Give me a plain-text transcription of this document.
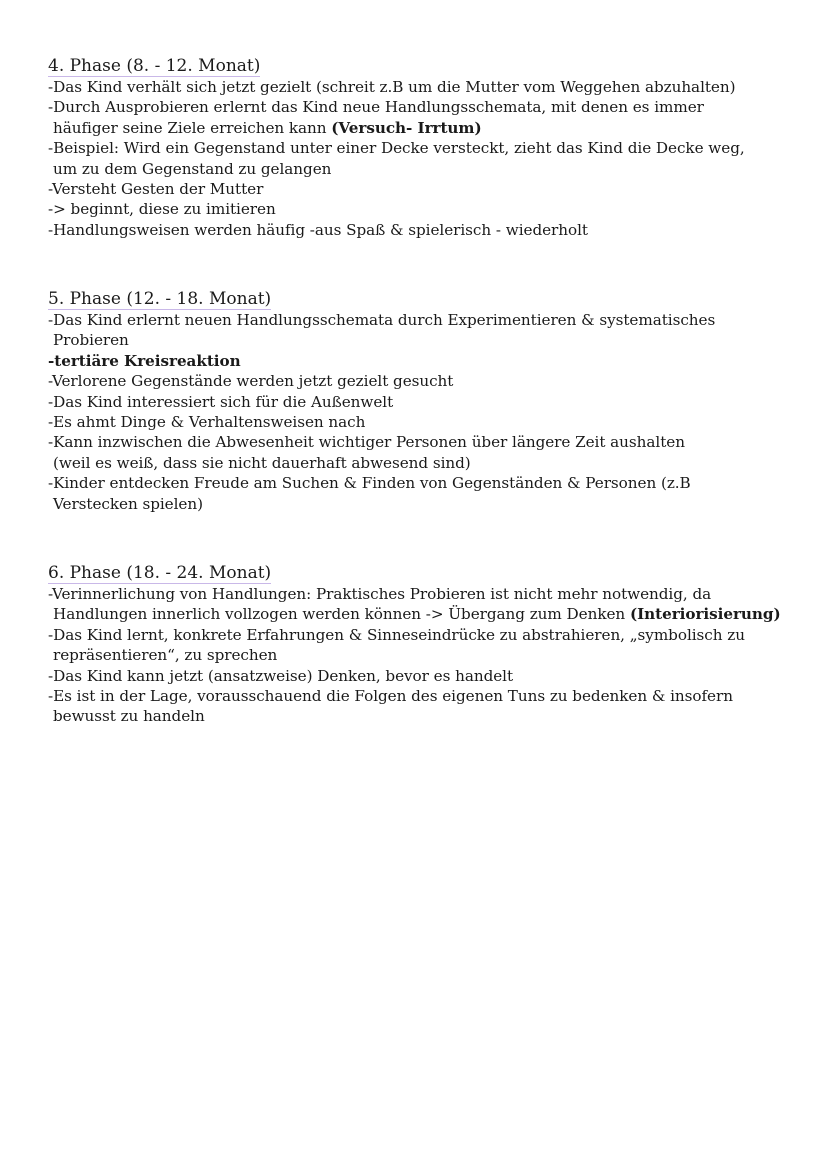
4. Phase (8. - 12. Monat)
-Das Kind verhält sich jetzt gezielt (schreit z.B um die Mutter vom Weggehen abzuhalten)
-Durch Ausprobieren erlernt das Kind neue Handlungsschemata, mit denen es immer
häufiger seine Ziele erreichen kann (Versuch- Irrtum)
-Beispiel: Wird ein Gegenstand unter einer Decke versteckt, zieht das Kind die Decke weg,
um zu dem Gegenstand zu gelangen
-Versteht Gesten der Mutter
-> beginnt, diese zu imitieren
-Handlungsweisen werden häufig -aus Spaß & spielerisch - wiederholt
5. Phase (12. - 18. Monat)
-Das Kind erlernt neuen Handlungsschemata durch Experimentieren & systematisches
Probieren
-tertiäre Kreisreaktion
-Verlorene Gegenstände werden jetzt gezielt gesucht
-Das Kind interessiert sich für die Außenwelt
-Es ahmt Dinge & Verhaltensweisen nach
-Kann inzwischen die Abwesenheit wichtiger Personen über längere Zeit aushalten
(weil es weiß, dass sie nicht dauerhaft abwesend sind)
-Kinder entdecken Freude am Suchen & Finden von Gegenständen & Personen (z.B
Verstecken spielen)
6. Phase (18. - 24. Monat)
-Verinnerlichung von Handlungen: Praktisches Probieren ist nicht mehr notwendig, da
Handlungen innerlich vollzogen werden können -> Übergang zum Denken (Interiorisierung)
-Das Kind lernt, konkrete Erfahrungen & Sinneseindrücke zu abstrahieren, „symbolisch zu
repräsentieren“, zu sprechen
-Das Kind kann jetzt (ansatzweise) Denken, bevor es handelt
-Es ist in der Lage, vorausschauend die Folgen des eigenen Tuns zu bedenken & insofern
bewusst zu handeln
